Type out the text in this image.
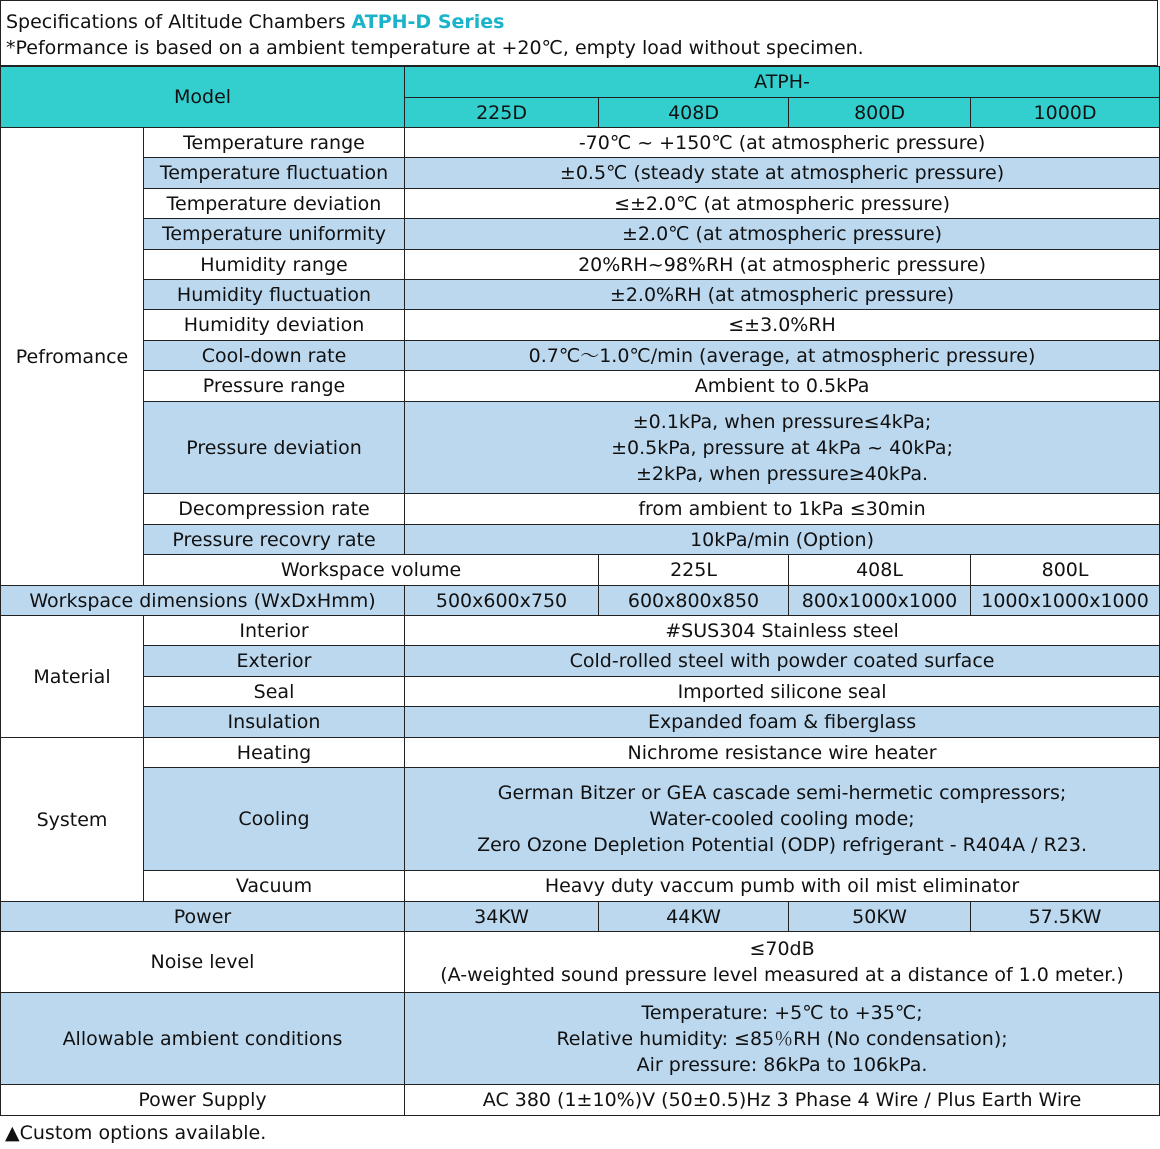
Specifications of Altitude Chambers ATPH-D Series
*Peformance is based on a ambient temperature at +20℃, empty load without specimen.
Model		ATPH-				
		225D	408D	800D	1000D	
Pefromance	Temperature range	-70℃ ~ +150℃ (at atmospheric pressure)				
	Temperature fluctuation	±0.5℃ (steady state at atmospheric pressure)				
	Temperature deviation	≤±2.0℃ (at atmospheric pressure)				
	Temperature uniformity	±2.0℃ (at atmospheric pressure)				
	Humidity range	20%RH~98%RH (at atmospheric pressure)				
	Humidity fluctuation	±2.0%RH (at atmospheric pressure)				
	Humidity deviation	≤±3.0%RH				
	Cool-down rate	0.7℃～1.0℃/min (average, at atmospheric pressure)				
	Pressure range	Ambient to 0.5kPa				
	Pressure deviation	±0.1kPa, when pressure≤4kPa;
±0.5kPa, pressure at 4kPa ~ 40kPa;
±2kPa, when pressure≥40kPa.				

	Decompression rate	from ambient to 1kPa ≤30min				
	Pressure recovry rate	10kPa/min (Option)				
	Workspace volume		225L	408L	800L	
Workspace dimensions (WxDxHmm)		500x600x750	600x800x850	800x1000x1000	1000x1000x1000	
Material	Interior	#SUS304 Stainless steel				
	Exterior	Cold-rolled steel with powder coated surface				
	Seal	Imported silicone seal				
	Insulation	Expanded foam & fiberglass				
System	Heating	Nichrome resistance wire heater				
	Cooling	German Bitzer or GEA cascade semi-hermetic compressors;
Water-cooled cooling mode;
Zero Ozone Depletion Potential (ODP) refrigerant - R404A / R23.				

	Vacuum	Heavy duty vaccum pumb with oil mist eliminator				
Power		34KW	44KW	50KW	57.5KW	
Noise level		≤70dB
(A-weighted sound pressure level measured at a distance of 1.0 meter.)				

Allowable ambient conditions		Temperature: +5℃ to +35℃;
Relative humidity: ≤85％RH (No condensation);
Air pressure: 86kPa to 106kPa.				

Power Supply		AC 380 (1±10%)V (50±0.5)Hz 3 Phase 4 Wire / Plus Earth Wire				
▲Custom options available.
